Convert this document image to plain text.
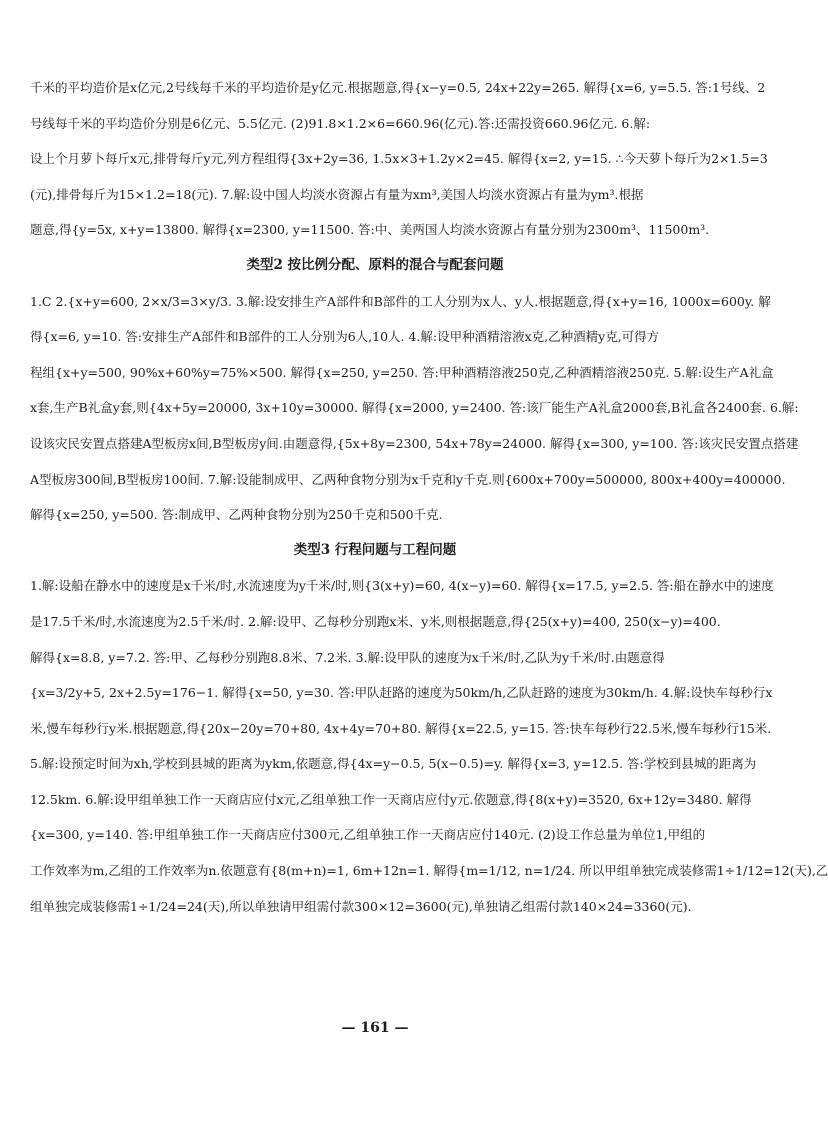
千米的平均造价是x亿元,2号线每千米的平均造价是y亿元.根据题意,得{x−y=0.5, 24x+22y=265. 解得{x=6, y=5.5. 答:1号线、2
号线每千米的平均造价分别是6亿元、5.5亿元. (2)91.8×1.2×6=660.96(亿元).答:还需投资660.96亿元. 6.解:
设上个月萝卜每斤x元,排骨每斤y元,列方程组得{3x+2y=36, 1.5x×3+1.2y×2=45. 解得{x=2, y=15. ∴今天萝卜每斤为2×1.5=3
(元),排骨每斤为15×1.2=18(元). 7.解:设中国人均淡水资源占有量为xm³,美国人均淡水资源占有量为ym³.根据
题意,得{y=5x, x+y=13800. 解得{x=2300, y=11500. 答:中、美两国人均淡水资源占有量分别为2300m³、11500m³.
类型2 按比例分配、原料的混合与配套问题
1.C 2.{x+y=600, 2×x/3=3×y/3. 3.解:设安排生产A部件和B部件的工人分别为x人、y人.根据题意,得{x+y=16, 1000x=600y. 解
得{x=6, y=10. 答:安排生产A部件和B部件的工人分别为6人,10人. 4.解:设甲种酒精溶液x克,乙种酒精y克,可得方
程组{x+y=500, 90%x+60%y=75%×500. 解得{x=250, y=250. 答:甲种酒精溶液250克,乙种酒精溶液250克. 5.解:设生产A礼盒
x套,生产B礼盒y套,则{4x+5y=20000, 3x+10y=30000. 解得{x=2000, y=2400. 答:该厂能生产A礼盒2000套,B礼盒各2400套. 6.解:
设该灾民安置点搭建A型板房x间,B型板房y间.由题意得,{5x+8y=2300, 54x+78y=24000. 解得{x=300, y=100. 答:该灾民安置点搭建
A型板房300间,B型板房100间. 7.解:设能制成甲、乙两种食物分别为x千克和y千克.则{600x+700y=500000, 800x+400y=400000.
解得{x=250, y=500. 答:制成甲、乙两种食物分别为250千克和500千克.
类型3 行程问题与工程问题
1.解:设船在静水中的速度是x千米/时,水流速度为y千米/时,则{3(x+y)=60, 4(x−y)=60. 解得{x=17.5, y=2.5. 答:船在静水中的速度
是17.5千米/时,水流速度为2.5千米/时. 2.解:设甲、乙每秒分别跑x米、y米,则根据题意,得{25(x+y)=400, 250(x−y)=400.
解得{x=8.8, y=7.2. 答:甲、乙每秒分别跑8.8米、7.2米. 3.解:设甲队的速度为x千米/时,乙队为y千米/时.由题意得
{x=3/2y+5, 2x+2.5y=176−1. 解得{x=50, y=30. 答:甲队赶路的速度为50km/h,乙队赶路的速度为30km/h. 4.解:设快车每秒行x
米,慢车每秒行y米.根据题意,得{20x−20y=70+80, 4x+4y=70+80. 解得{x=22.5, y=15. 答:快车每秒行22.5米,慢车每秒行15米.
5.解:设预定时间为xh,学校到县城的距离为ykm,依题意,得{4x=y−0.5, 5(x−0.5)=y. 解得{x=3, y=12.5. 答:学校到县城的距离为
12.5km. 6.解:设甲组单独工作一天商店应付x元,乙组单独工作一天商店应付y元.依题意,得{8(x+y)=3520, 6x+12y=3480. 解得
{x=300, y=140. 答:甲组单独工作一天商店应付300元,乙组单独工作一天商店应付140元. (2)设工作总量为单位1,甲组的
工作效率为m,乙组的工作效率为n.依题意有{8(m+n)=1, 6m+12n=1. 解得{m=1/12, n=1/24. 所以甲组单独完成装修需1÷1/12=12(天),乙
组单独完成装修需1÷1/24=24(天),所以单独请甲组需付款300×12=3600(元),单独请乙组需付款140×24=3360(元).
— 161 —
